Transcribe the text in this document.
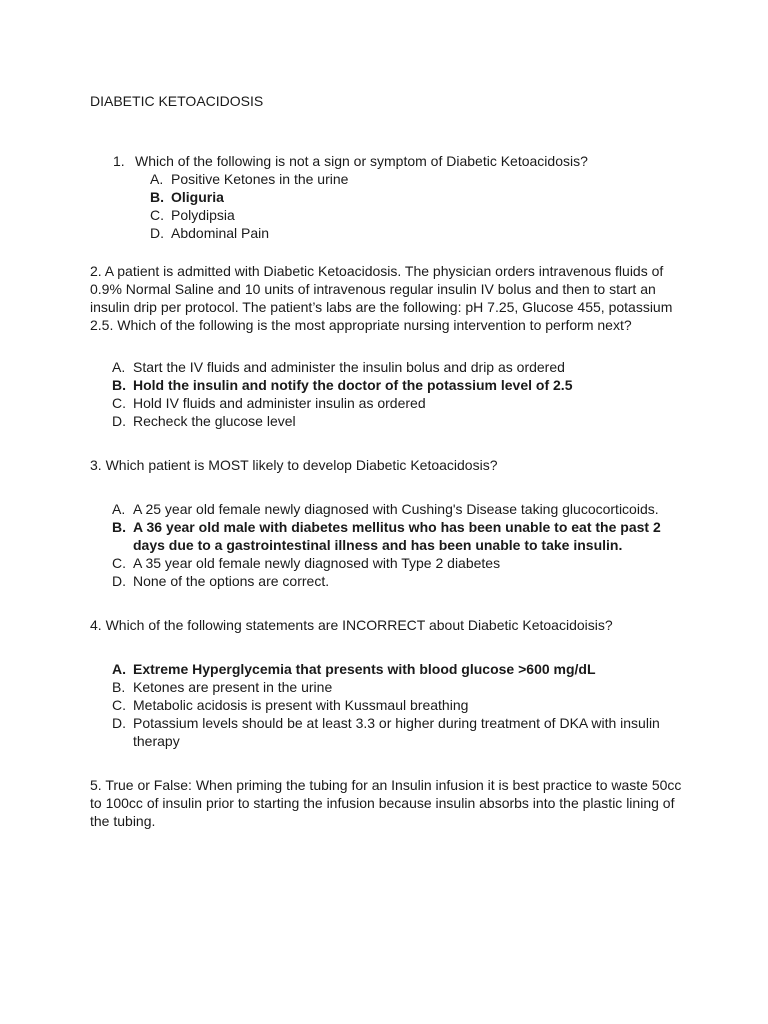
DIABETIC KETOACIDOSIS
1. Which of the following is not a sign or symptom of Diabetic Ketoacidosis?
A. Positive Ketones in the urine
B. Oliguria
C. Polydipsia
D. Abdominal Pain

2. A patient is admitted with Diabetic Ketoacidosis. The physician orders intravenous fluids of 0.9% Normal Saline and 10 units of intravenous regular insulin IV bolus and then to start an insulin drip per protocol. The patient’s labs are the following: pH 7.25, Glucose 455, potassium 2.5. Which of the following is the most appropriate nursing intervention to perform next?

A. Start the IV fluids and administer the insulin bolus and drip as ordered
B. Hold the insulin and notify the doctor of the potassium level of 2.5
C. Hold IV fluids and administer insulin as ordered
D. Recheck the glucose level

3. Which patient is MOST likely to develop Diabetic Ketoacidosis?

A. A 25 year old female newly diagnosed with Cushing's Disease taking glucocorticoids.
B. A 36 year old male with diabetes mellitus who has been unable to eat the past 2 days due to a gastrointestinal illness and has been unable to take insulin.
C. A 35 year old female newly diagnosed with Type 2 diabetes
D. None of the options are correct.

4. Which of the following statements are INCORRECT about Diabetic Ketoacidoisis?

A. Extreme Hyperglycemia that presents with blood glucose >600 mg/dL
B. Ketones are present in the urine
C. Metabolic acidosis is present with Kussmaul breathing
D. Potassium levels should be at least 3.3 or higher during treatment of DKA with insulin therapy

5. True or False: When priming the tubing for an Insulin infusion it is best practice to waste 50cc to 100cc of insulin prior to starting the infusion because insulin absorbs into the plastic lining of the tubing.
